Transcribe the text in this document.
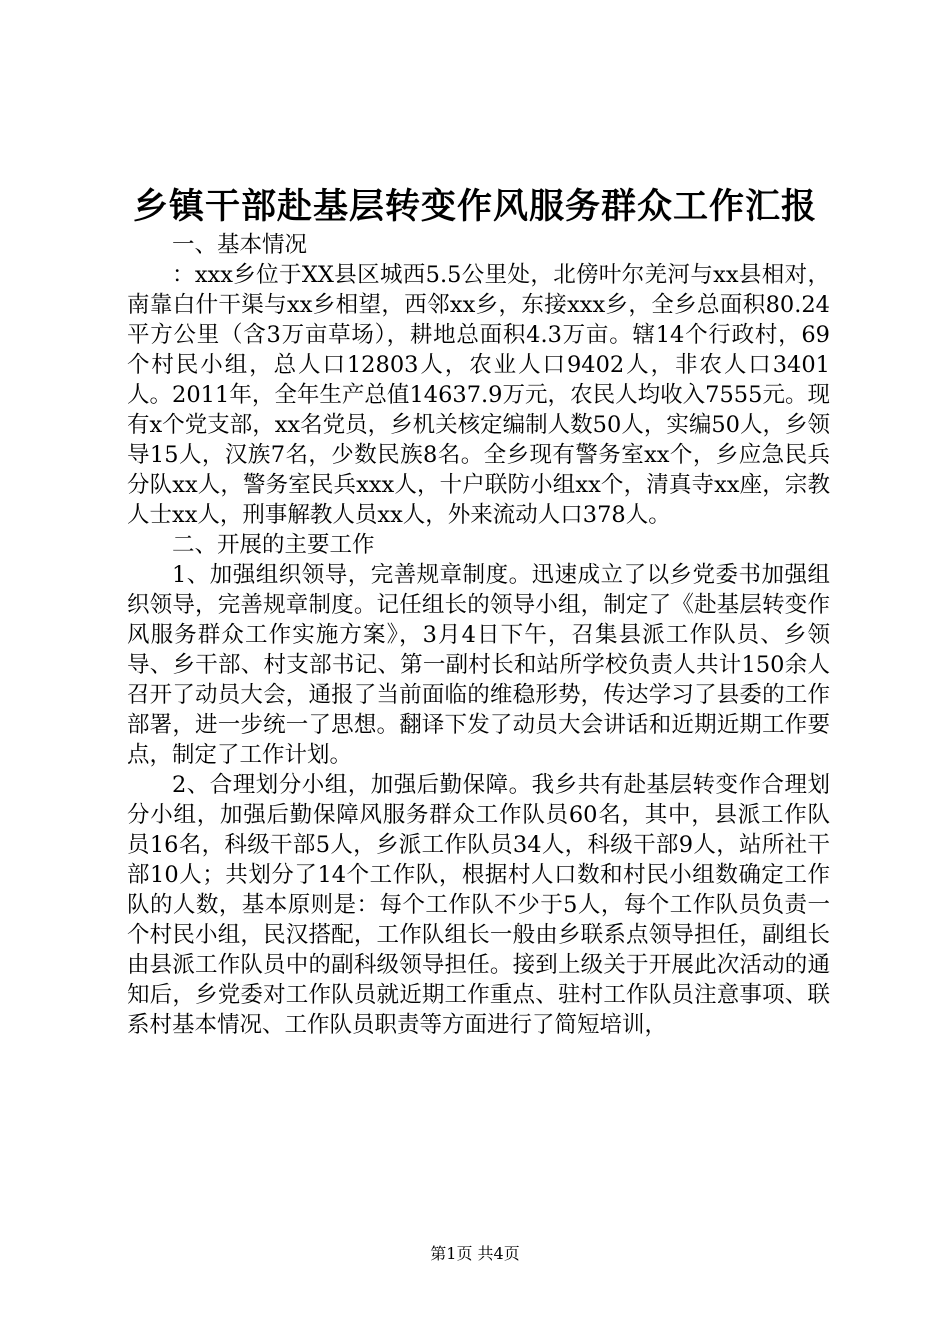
乡镇干部赴基层转变作风服务群众工作汇报

一、基本情况

：xxx乡位于XX县区城西5.5公里处，北傍叶尔羌河与xx县相对，南靠白什干渠与xx乡相望，西邻xx乡，东接xxx乡，全乡总面积80.24平方公里（含3万亩草场），耕地总面积4.3万亩。辖14个行政村，69个村民小组，总人口12803人，农业人口9402人，非农人口3401人。2011年，全年生产总值14637.9万元，农民人均收入7555元。现有x个党支部，xx名党员，乡机关核定编制人数50人，实编50人，乡领导15人，汉族7名，少数民族8名。全乡现有警务室xx个，乡应急民兵分队xx人，警务室民兵xxx人，十户联防小组xx个，清真寺xx座，宗教人士xx人，刑事解教人员xx人，外来流动人口378人。

二、开展的主要工作

1、加强组织领导，完善规章制度。迅速成立了以乡党委书加强组织领导，完善规章制度。记任组长的领导小组，制定了《赴基层转变作风服务群众工作实施方案》，3月4日下午，召集县派工作队员、乡领导、乡干部、村支部书记、第一副村长和站所学校负责人共计150余人召开了动员大会，通报了当前面临的维稳形势，传达学习了县委的工作部署，进一步统一了思想。翻译下发了动员大会讲话和近期近期工作要点，制定了工作计划。

2、合理划分小组，加强后勤保障。我乡共有赴基层转变作合理划分小组，加强后勤保障风服务群众工作队员60名，其中，县派工作队员16名，科级干部5人，乡派工作队员34人，科级干部9人，站所社干部10人；共划分了14个工作队，根据村人口数和村民小组数确定工作队的人数，基本原则是：每个工作队不少于5人，每个工作队员负责一个村民小组，民汉搭配，工作队组长一般由乡联系点领导担任，副组长由县派工作队员中的副科级领导担任。接到上级关于开展此次活动的通知后，乡党委对工作队员就近期工作重点、驻村工作队员注意事项、联系村基本情况、工作队员职责等方面进行了简短培训，

第1页 共4页
